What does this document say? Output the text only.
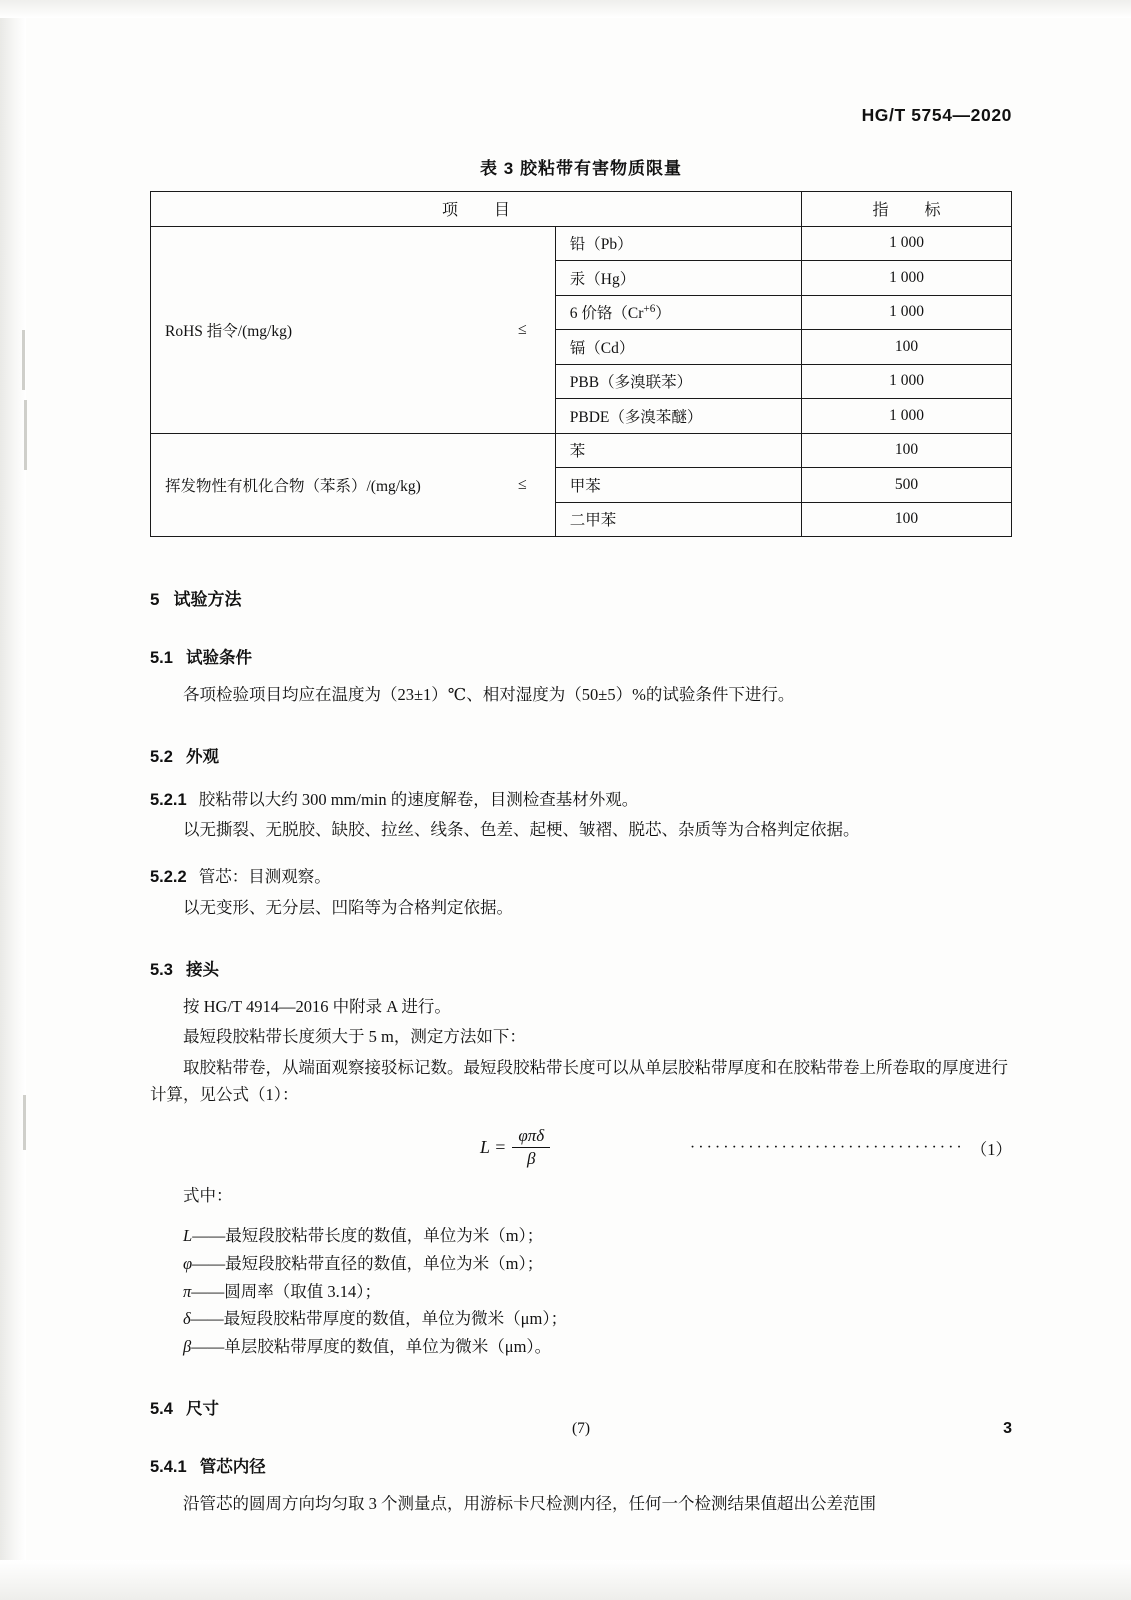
HG/T 5754—2020
表 3 胶粘带有害物质限量
项　目		指　标

RoHS 指令/(mg/kg) ≤	铅（Pb）	1 000
	汞（Hg）	1 000
	6 价铬$(Cr^{+6})$	1 000
	镉（Cd）	100
	PBB（多溴联苯）	1 000
	PBDE（多溴苯醚）	1 000

挥发物性有机化合物（苯系）/(mg/kg) ≤	苯	100
	甲苯	500
	二甲苯	100
5 试验方法
5.1 试验条件

各项检验项目均应在温度为（23±1）℃、相对湿度为（50±5）%的试验条件下进行。

5.2 外观
5.2.1 胶粘带以大约 300 mm/min 的速度解卷，目测检查基材外观。

以无撕裂、无脱胶、缺胶、拉丝、线条、色差、起梗、皱褶、脱芯、杂质等为合格判定依据。

5.2.2 管芯：目测观察。

以无变形、无分层、凹陷等为合格判定依据。

5.3 接头

按 HG/T 4914—2016 中附录 A 进行。

最短段胶粘带长度须大于 5 m，测定方法如下：

取胶粘带卷，从端面观察接驳标记数。最短段胶粘带长度可以从单层胶粘带厚度和在胶粘带卷上所卷取的厚度进行计算，见公式（1）：

$L = \frac{\text{φπδ}}{\beta}$	································· （1）

式中：

L——最短段胶粘带长度的数值，单位为米（m）；
φ——最短段胶粘带直径的数值，单位为米（m）；
π——圆周率（取值 3.14）；
δ——最短段胶粘带厚度的数值，单位为微米（μm）；
β——单层胶粘带厚度的数值，单位为微米（μm）。
5.4 尺寸
5.4.1 管芯内径

沿管芯的圆周方向均匀取 3 个测量点，用游标卡尺检测内径，任何一个检测结果值超出公差范围

(7)	3
